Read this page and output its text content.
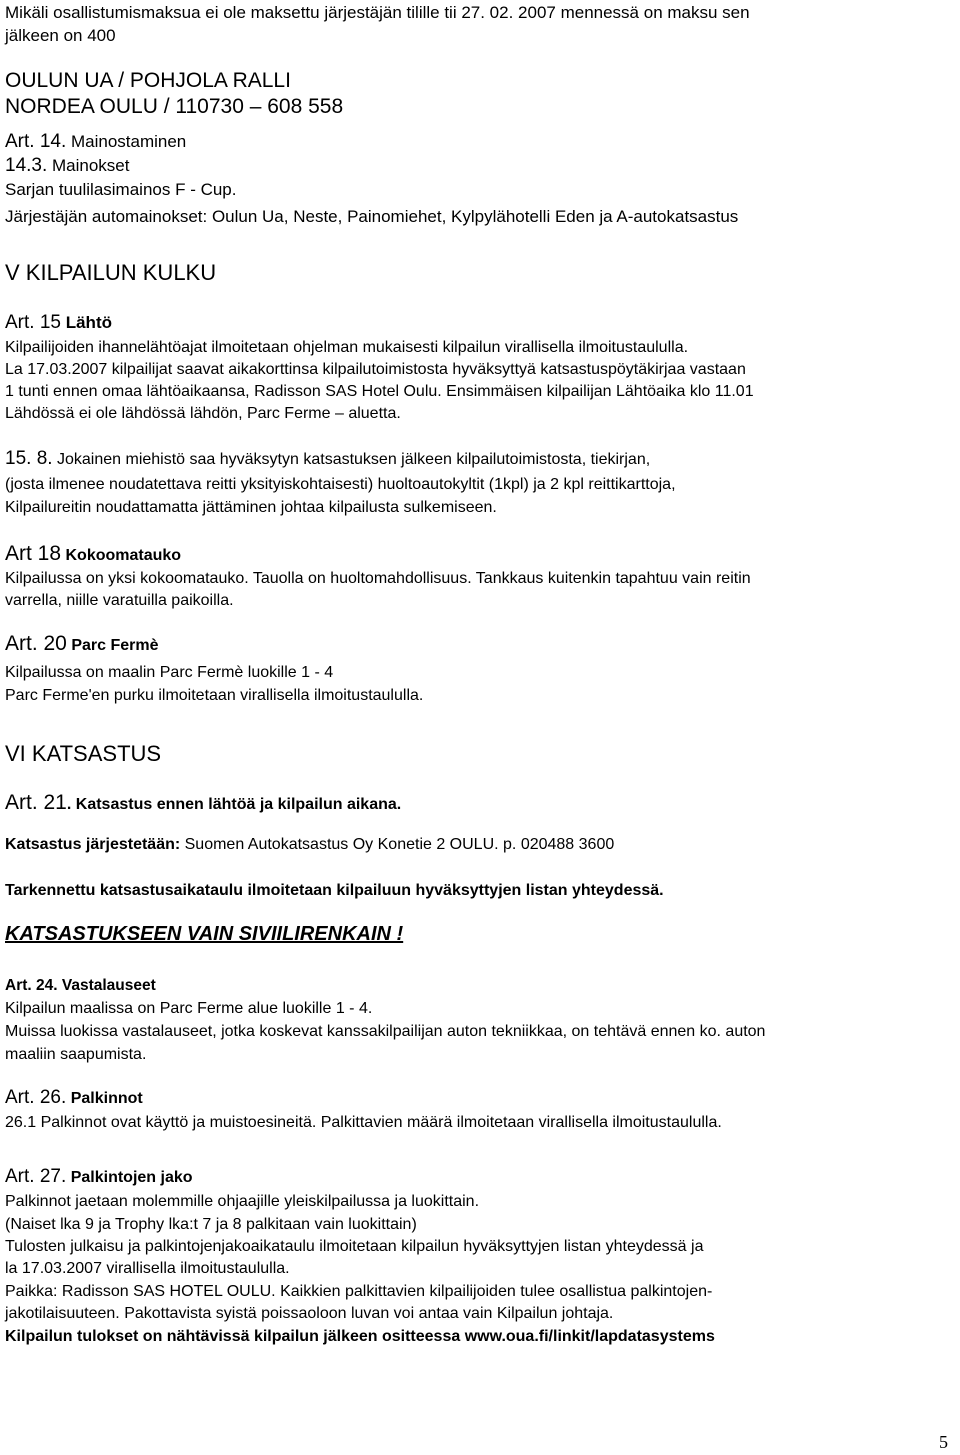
Mikäli osallistumismaksua ei ole maksettu järjestäjän tilille tii 27. 02. 2007 mennessä on maksu sen

jälkeen on 400

OULUN UA / POHJOLA RALLI

NORDEA OULU / 110730 – 608 558

Art. 14. Mainostaminen

14.3. Mainokset

Sarjan tuulilasimainos F - Cup.

Järjestäjän automainokset: Oulun Ua, Neste, Painomiehet, Kylpylähotelli Eden ja A-autokatsastus

V KILPAILUN KULKU

Art. 15 Lähtö

Kilpailijoiden ihannelähtöajat ilmoitetaan ohjelman mukaisesti kilpailun virallisella ilmoitustaululla.

La 17.03.2007 kilpailijat saavat aikakorttinsa kilpailutoimistosta hyväksyttyä katsastuspöytäkirjaa vastaan

1 tunti ennen omaa lähtöaikaansa, Radisson SAS Hotel Oulu. Ensimmäisen kilpailijan Lähtöaika klo 11.01

Lähdössä ei ole lähdössä lähdön, Parc Ferme – aluetta.

15. 8. Jokainen miehistö saa hyväksytyn katsastuksen jälkeen kilpailutoimistosta, tiekirjan,

(josta ilmenee noudatettava reitti yksityiskohtaisesti) huoltoautokyltit (1kpl) ja 2 kpl reittikarttoja,

Kilpailureitin noudattamatta jättäminen johtaa kilpailusta sulkemiseen.

Art 18 Kokoomatauko

Kilpailussa on yksi kokoomatauko. Tauolla on huoltomahdollisuus. Tankkaus kuitenkin tapahtuu vain reitin

varrella, niille varatuilla paikoilla.

Art. 20 Parc Fermè

Kilpailussa on maalin Parc Fermè luokille 1 - 4

Parc Ferme'en purku ilmoitetaan virallisella ilmoitustaululla.

VI KATSASTUS

Art. 21. Katsastus ennen lähtöä ja kilpailun aikana.

Katsastus järjestetään: Suomen Autokatsastus Oy Konetie 2 OULU. p. 020488 3600

Tarkennettu katsastusaikataulu ilmoitetaan kilpailuun hyväksyttyjen listan yhteydessä.

KATSASTUKSEEN VAIN SIVIILIRENKAIN !

Art. 24. Vastalauseet

Kilpailun maalissa on Parc Ferme alue luokille 1 - 4.

Muissa luokissa vastalauseet, jotka koskevat kanssakilpailijan auton tekniikkaa, on tehtävä ennen ko. auton

maaliin saapumista.

Art. 26. Palkinnot

26.1 Palkinnot ovat käyttö ja muistoesineitä. Palkittavien määrä ilmoitetaan virallisella ilmoitustaululla.

Art. 27. Palkintojen jako

Palkinnot jaetaan molemmille ohjaajille yleiskilpailussa ja luokittain.

(Naiset lka 9 ja Trophy lka:t 7 ja 8 palkitaan vain luokittain)

Tulosten julkaisu ja palkintojenjakoaikataulu ilmoitetaan kilpailun hyväksyttyjen listan yhteydessä ja

la 17.03.2007 virallisella ilmoitustaululla.

Paikka: Radisson SAS HOTEL OULU. Kaikkien palkittavien kilpailijoiden tulee osallistua palkintojen-

jakotilaisuuteen. Pakottavista syistä poissaoloon luvan voi antaa vain Kilpailun johtaja.

Kilpailun tulokset on nähtävissä kilpailun jälkeen ositteessa www.oua.fi/linkit/lapdatasystems

5
